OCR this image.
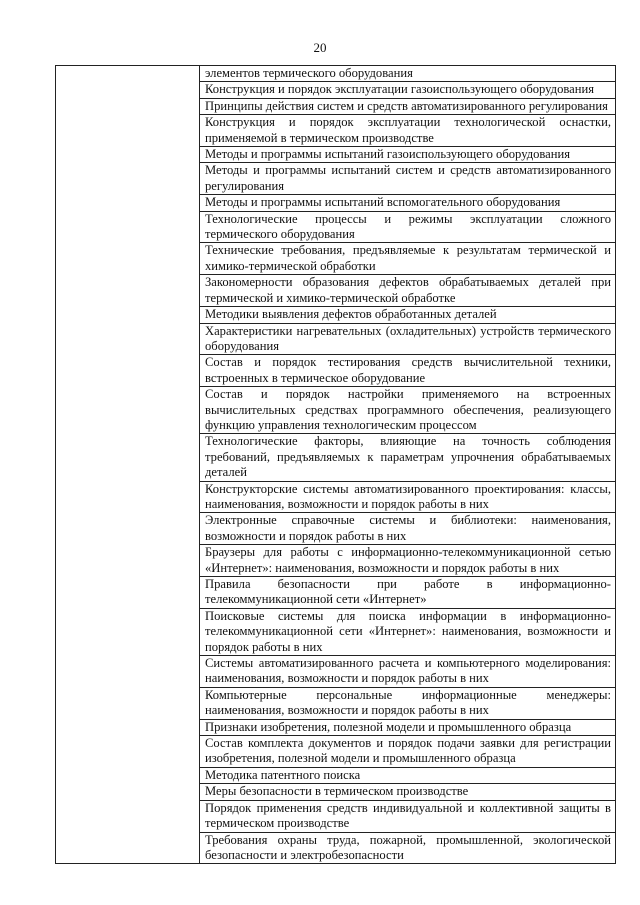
20
	элементов термического оборудования
Конструкция и порядок эксплуатации газоиспользующего оборудования
Принципы действия систем и средств автоматизированного регулирования
Конструкция и порядок эксплуатации технологической оснастки, применяемой в термическом производстве
Методы и программы испытаний газоиспользующего оборудования
Методы и программы испытаний систем и средств автоматизированного регулирования
Методы и программы испытаний вспомогательного оборудования
Технологические процессы и режимы эксплуатации сложного термического оборудования
Технические требования, предъявляемые к результатам термической и химико-термической обработки
Закономерности образования дефектов обрабатываемых деталей при термической и химико-термической обработке
Методики выявления дефектов обработанных деталей
Характеристики нагревательных (охладительных) устройств термического оборудования
Состав и порядок тестирования средств вычислительной техники, встроенных в термическое оборудование
Состав и порядок настройки применяемого на встроенных вычислительных средствах программного обеспечения, реализующего функцию управления технологическим процессом
Технологические факторы, влияющие на точность соблюдения требований, предъявляемых к параметрам упрочнения обрабатываемых деталей
Конструкторские системы автоматизированного проектирования: классы, наименования, возможности и порядок работы в них
Электронные справочные системы и библиотеки: наименования, возможности и порядок работы в них
Браузеры для работы с информационно-телекоммуникационной сетью «Интернет»: наименования, возможности и порядок работы в них
Правила безопасности при работе в информационно-телекоммуникационной сети «Интернет»
Поисковые системы для поиска информации в информационно-телекоммуникационной сети «Интернет»: наименования, возможности и порядок работы в них
Системы автоматизированного расчета и компьютерного моделирования: наименования, возможности и порядок работы в них
Компьютерные персональные информационные менеджеры: наименования, возможности и порядок работы в них
Признаки изобретения, полезной модели и промышленного образца
Состав комплекта документов и порядок подачи заявки для регистрации изобретения, полезной модели и промышленного образца
Методика патентного поиска
Меры безопасности в термическом производстве
Порядок применения средств индивидуальной и коллективной защиты в термическом производстве
Требования охраны труда, пожарной, промышленной, экологической безопасности и электробезопасности
